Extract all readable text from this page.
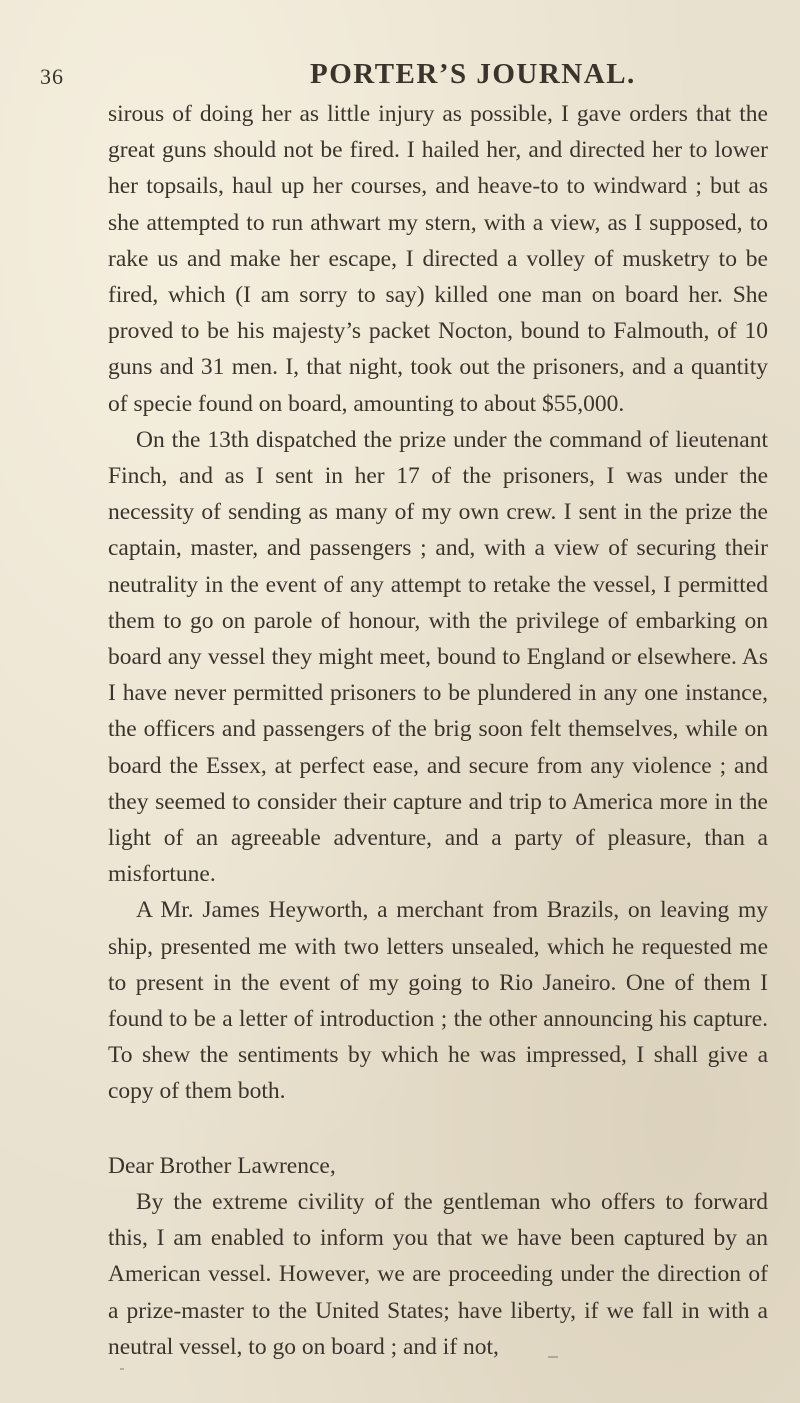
36	PORTER’S JOURNAL.

sirous of doing her as little injury as possible, I gave orders that the great guns should not be fired. I hailed her, and directed her to lower her topsails, haul up her courses, and heave-to to windward ; but as she attempted to run athwart my stern, with a view, as I supposed, to rake us and make her escape, I directed a volley of musketry to be fired, which (I am sorry to say) killed one man on board her. She proved to be his majesty’s packet Nocton, bound to Falmouth, of 10 guns and 31 men. I, that night, took out the prisoners, and a quantity of specie found on board, amounting to about $55,000.

On the 13th dispatched the prize under the command of lieutenant Finch, and as I sent in her 17 of the prisoners, I was under the necessity of sending as many of my own crew. I sent in the prize the captain, master, and passengers ; and, with a view of securing their neutrality in the event of any attempt to retake the vessel, I permitted them to go on parole of honour, with the privilege of embarking on board any vessel they might meet, bound to England or elsewhere. As I have never permitted prisoners to be plundered in any one instance, the officers and passengers of the brig soon felt themselves, while on board the Essex, at perfect ease, and secure from any violence ; and they seemed to consider their capture and trip to America more in the light of an agreeable adventure, and a party of pleasure, than a misfortune.

A Mr. James Heyworth, a merchant from Brazils, on leaving my ship, presented me with two letters unsealed, which he requested me to present in the event of my going to Rio Janeiro. One of them I found to be a letter of introduction ; the other announcing his capture. To shew the sentiments by which he was impressed, I shall give a copy of them both.

Dear Brother Lawrence,

By the extreme civility of the gentleman who offers to forward this, I am enabled to inform you that we have been captured by an American vessel. However, we are proceeding under the direction of a prize-master to the United States; have liberty, if we fall in with a neutral vessel, to go on board ; and if not,
